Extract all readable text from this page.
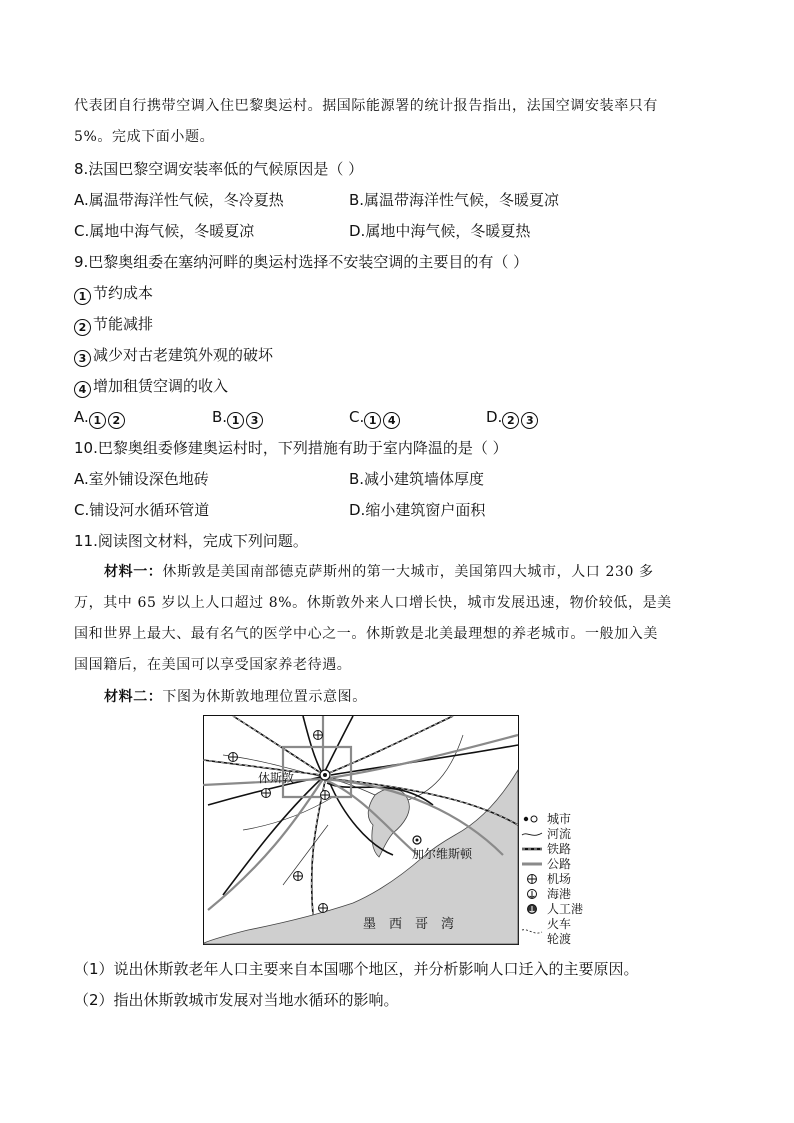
代表团自行携带空调入住巴黎奥运村。据国际能源署的统计报告指出，法国空调安装率只有
5%。完成下面小题。
8.法国巴黎空调安装率低的气候原因是（ ）
A.属温带海洋性气候，冬冷夏热	B.属温带海洋性气候，冬暖夏凉
C.属地中海气候，冬暖夏凉	D.属地中海气候，冬暖夏热
9.巴黎奥组委在塞纳河畔的奥运村选择不安装空调的主要目的有（ ）
1 节约成本
2 节能减排
3 减少对古老建筑外观的破坏
4 增加租赁空调的收入
A. 1 2	B. 1 3	C. 1 4	D. 2 3
10.巴黎奥组委修建奥运村时，下列措施有助于室内降温的是（ ）
A.室外铺设深色地砖	B.减小建筑墙体厚度
C.铺设河水循环管道	D.缩小建筑窗户面积
11.阅读图文材料，完成下列问题。
材料一：休斯敦是美国南部德克萨斯州的第一大城市，美国第四大城市，人口 230 多
万，其中 65 岁以上人口超过 8%。休斯敦外来人口增长快，城市发展迅速，物价较低，是美
国和世界上最大、最有名气的医学中心之一。休斯敦是北美最理想的养老城市。一般加入美
国国籍后，在美国可以享受国家养老待遇。
材料二：下图为休斯敦地理位置示意图。
休斯敦
加尔维斯顿
墨　西　哥　湾
城市
河流
铁路
公路
机场
海港
人工港
火车
轮渡
（1）说出休斯敦老年人口主要来自本国哪个地区，并分析影响人口迁入的主要原因。
（2）指出休斯敦城市发展对当地水循环的影响。
